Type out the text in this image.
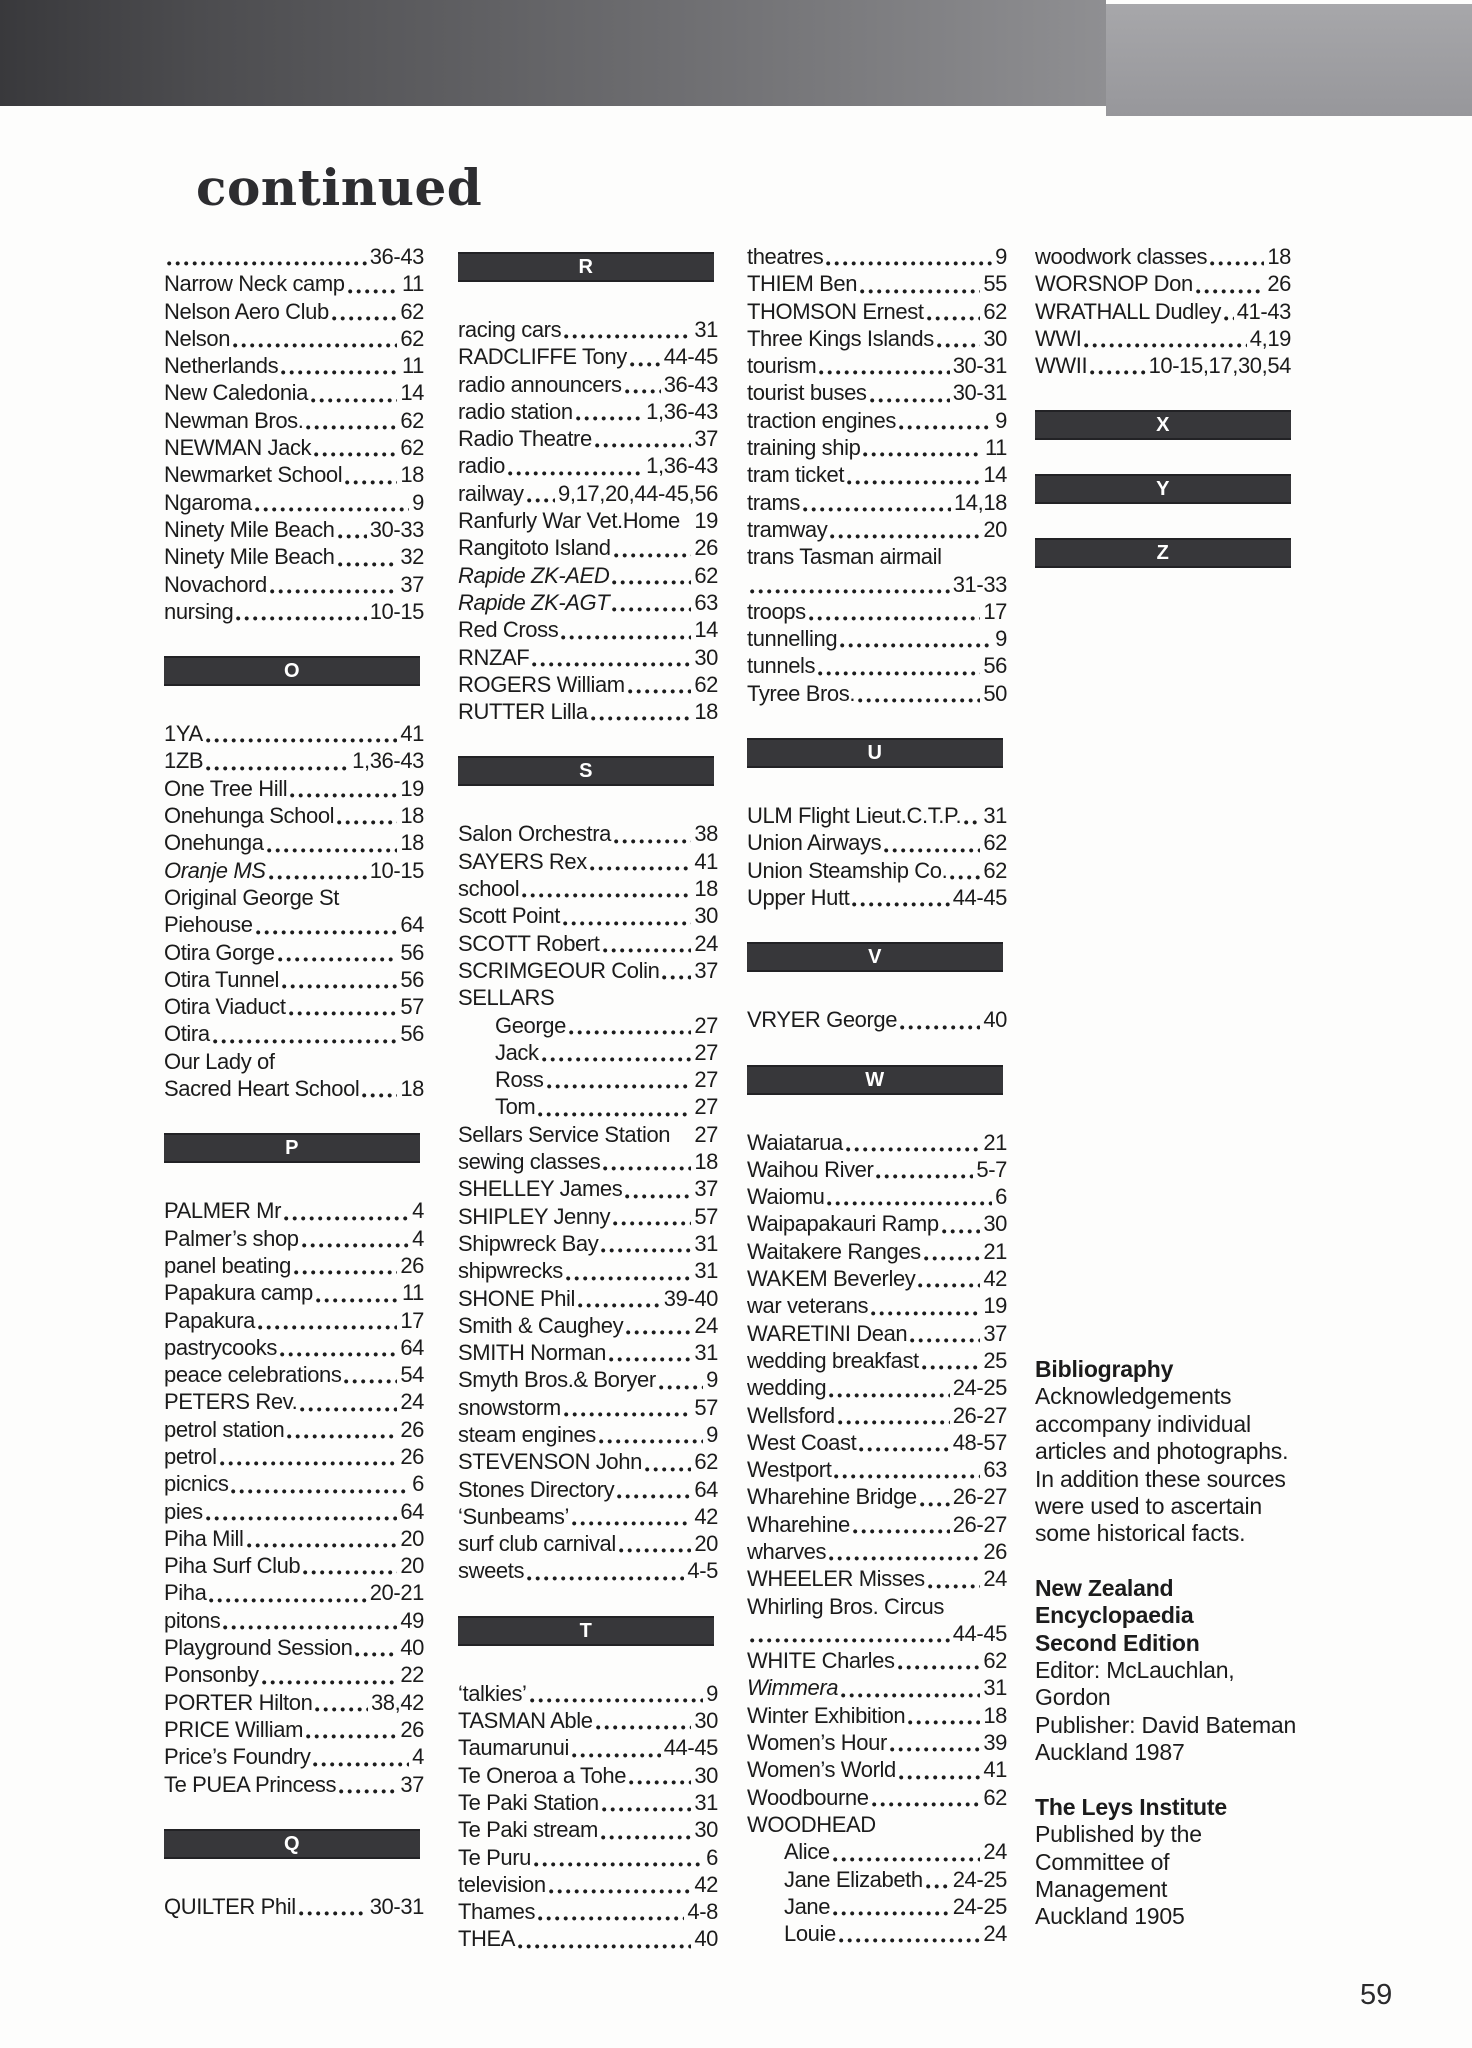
continued
36-43
Narrow Neck camp	11
Nelson Aero Club	62
Nelson	62
Netherlands	11
New Caledonia	14
Newman Bros.	62
NEWMAN Jack	62
Newmarket School	18
Ngaroma	9
Ninety Mile Beach 30-33
Ninety Mile Beach	32
Novachord	37
nursing	10-15
O
1YA	41
1ZB	1,36-43
One Tree Hill	19
Onehunga School	18
Onehunga	18
Oranje MS	10-15
Original George St
Piehouse	64
Otira Gorge	56
Otira Tunnel	56
Otira Viaduct	57
Otira	56
Our Lady of
Sacred Heart School 18
P
PALMER Mr	4
Palmer’s shop	4
panel beating	26
Papakura camp	11
Papakura	17
pastrycooks	64
peace celebrations	54
PETERS Rev.	24
petrol station	26
petrol	26
picnics	6
pies	64
Piha Mill	20
Piha Surf Club	20
Piha	20-21
pitons	49
Playground Session 40
Ponsonby	22
PORTER Hilton	38,42
PRICE William	26
Price’s Foundry	4
Te PUEA Princess	37
Q
QUILTER Phil	30-31
R
racing cars	31
RADCLIFFE Tony 44-45
radio announcers 36-43
radio station	1,36-43
Radio Theatre	37
radio	1,36-43
railway 9,17,20,44-45,56
Ranfurly War Vet.Home 19
Rangitoto Island	26
Rapide ZK-AED	62
Rapide ZK-AGT	63
Red Cross	14
RNZAF	30
ROGERS William	62
RUTTER Lilla	18
S
Salon Orchestra	38
SAYERS Rex	41
school	18
Scott Point	30
SCOTT Robert	24
SCRIMGEOUR Colin 37
SELLARS
George	27
Jack	27
Ross	27
Tom	27
Sellars Service Station 27
sewing classes	18
SHELLEY James	37
SHIPLEY Jenny	57
Shipwreck Bay	31
shipwrecks	31
SHONE Phil	39-40
Smith & Caughey	24
SMITH Norman	31
Smyth Bros.& Boryer 9
snowstorm	57
steam engines	9
STEVENSON John 62
Stones Directory	64
‘Sunbeams’	42
surf club carnival	20
sweets	4-5
T
‘talkies’	9
TASMAN Able	30
Taumarunui	44-45
Te Oneroa a Tohe	30
Te Paki Station	31
Te Paki stream	30
Te Puru	6
television	42
Thames	4-8
THEA	40
theatres	9
THIEM Ben	55
THOMSON Ernest	62
Three Kings Islands 30
tourism	30-31
tourist buses	30-31
traction engines	9
training ship	11
tram ticket	14
trams	14,18
tramway	20
trans Tasman airmail
31-33
troops	17
tunnelling	9
tunnels	56
Tyree Bros.	50
U
ULM Flight Lieut.C.T.P. 31
Union Airways	62
Union Steamship Co. 62
Upper Hutt	44-45
V
VRYER George	40
W
Waiatarua	21
Waihou River	5-7
Waiomu	6
Waipapakauri Ramp 30
Waitakere Ranges	21
WAKEM Beverley	42
war veterans	19
WARETINI Dean	37
wedding breakfast	25
wedding	24-25
Wellsford	26-27
West Coast	48-57
Westport	63
Wharehine Bridge 26-27
Wharehine	26-27
wharves	26
WHEELER Misses	24
Whirling Bros. Circus
44-45
WHITE Charles	62
Wimmera	31
Winter Exhibition	18
Women’s Hour	39
Women’s World	41
Woodbourne	62
WOODHEAD
Alice	24
Jane Elizabeth 24-25
Jane	24-25
Louie	24
woodwork classes	18
WORSNOP Don	26
WRATHALL Dudley 41-43
WWI	4,19
WWII	10-15,17,30,54
X
Y
Z
Bibliography
Acknowledgements
accompany individual
articles and photographs.
In addition these sources
were used to ascertain
some historical facts.
New Zealand
Encyclopaedia
Second Edition
Editor: McLauchlan,
Gordon
Publisher: David Bateman
Auckland 1987
The Leys Institute
Published by the
Committee of
Management
Auckland 1905
59
